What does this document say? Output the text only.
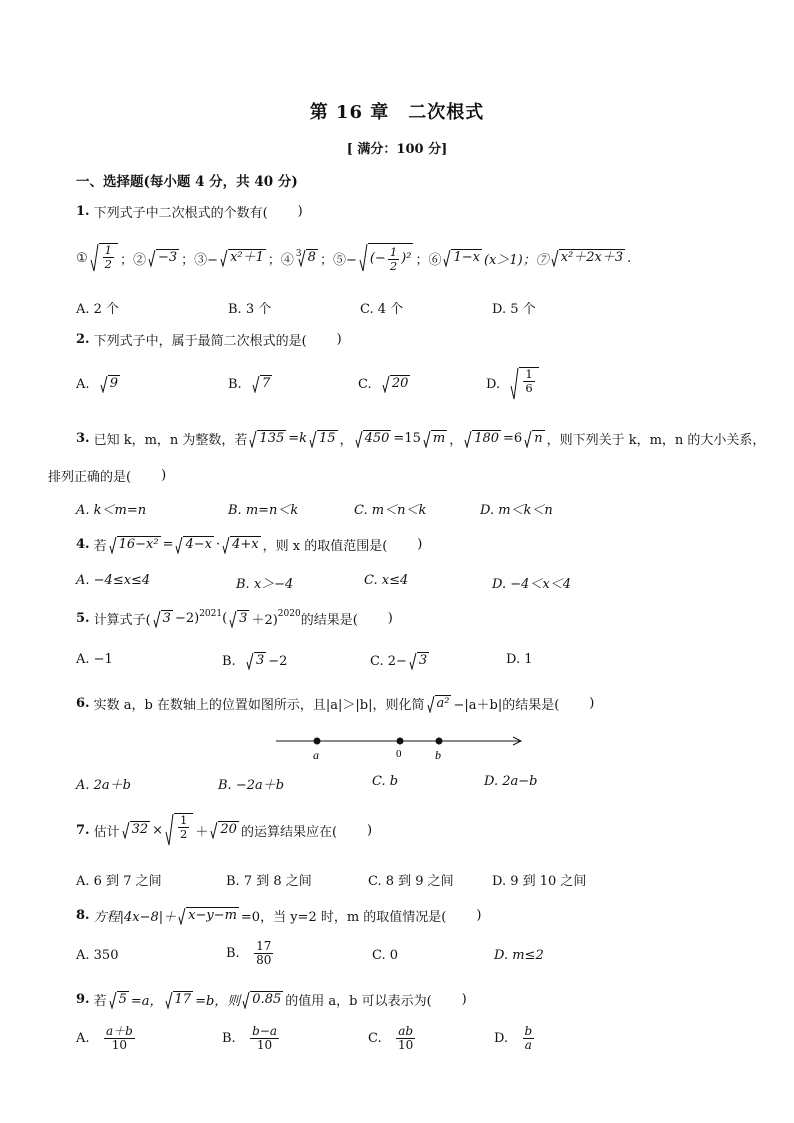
第 16 章　二次根式
[ 满分：100 分]
一、选择题(每小题 4 分，共 40 分)
1. 下列式子中二次根式的个数有( )
① $\frac{1}{2}$ ；② −3 ；③− x²＋1 ；④ 3 8 ；⑤− (− $\frac{1}{2} )^2$ ；⑥ 1−x (x＞1)；⑦ x²＋2x＋3 .
A. 2 个	B. 3 个	C. 4 个	D. 5 个
2. 下列式子中，属于最简二次根式的是( )
A.
9	B.
7	C.
20	D.
$\frac{1}{6}$
3. 已知 k，m，n 为整数，若 135 =k 15 ， 450 =15 m ， 180 =6 n ，则下列关于 k，m，n 的大小关系，
排列正确的是( )
A. k＜m=n	B. m=n＜k	C. m＜n＜k	D. m＜k＜n
4. 若 16−x² = 4−x · 4+x ，则 x 的取值范围是( )
A. −4≤x≤4	B. x＞−4	C. x≤4	D. −4＜x＜4
5. 计算式子( 3 −2)$^{2021}$ ( 3 ＋2)$^{2020}$ 的结果是( )
A. −1	B.
3 −2	C. 2− 3	D. 1
6. 实数 a，b 在数轴上的位置如图所示，且|a|＞|b|，则化简 a² −|a＋b|的结果是( )
a	0	b
A. 2a＋b	B. −2a＋b	C. b	D. 2a−b
7. 估计 $32 \times \frac{1}{2} + 20$ 的运算结果应在( )
A. 6 到 7 之间	B. 7 到 8 之间	C. 8 到 9 之间	D. 9 到 10 之间
8. 方程|4x−8|＋ x−y−m =0，当 y=2 时，m 的取值情况是( )
A. 350	B.
$\frac{17}{80}$	C. 0	D. m≤2
9. 若 5 =a， 17 =b，则 0.85 的值用 a，b 可以表示为( )
A.
$\frac{a+b}{10}$	B.
$\frac{b-a}{10}$	C.
$\frac{ab}{10}$	D.
$\frac{b}{a}$
